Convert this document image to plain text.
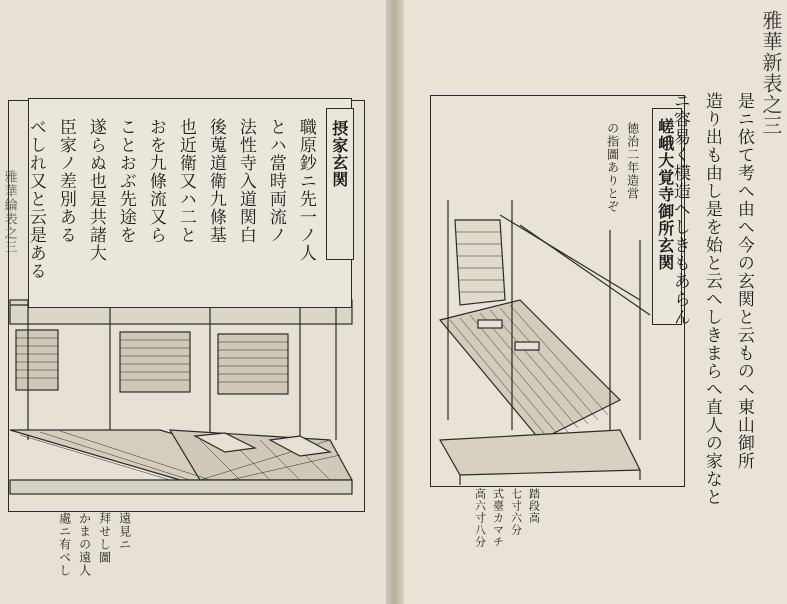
雅華綸表之三
摂家玄関
職原鈔ニ先一ノ人
とハ當時両流ノ
法性寺入道関白
後蒐道衛九條基
也近衛又ハ二と
おを九條流又ら
ことおぶ先途を
遂らぬ也是共諸大
臣家ノ差別ある
べしれ又と云是ある
遠見ニ
拜せし圖
かまの遠人
處ニ有べし
雅華新表之三
嵯峨大覚寺御所玄関
徳治二年造営
の指圖ありとぞ	是ニ依て考へ由へ今の玄関と云ものへ東山御所
造り出も由し是を始と云へしきまらへ直人の家なと
ニ容易く模造へしきもあらん
踏段高
七寸六分
式臺カマチ
高六寸八分
